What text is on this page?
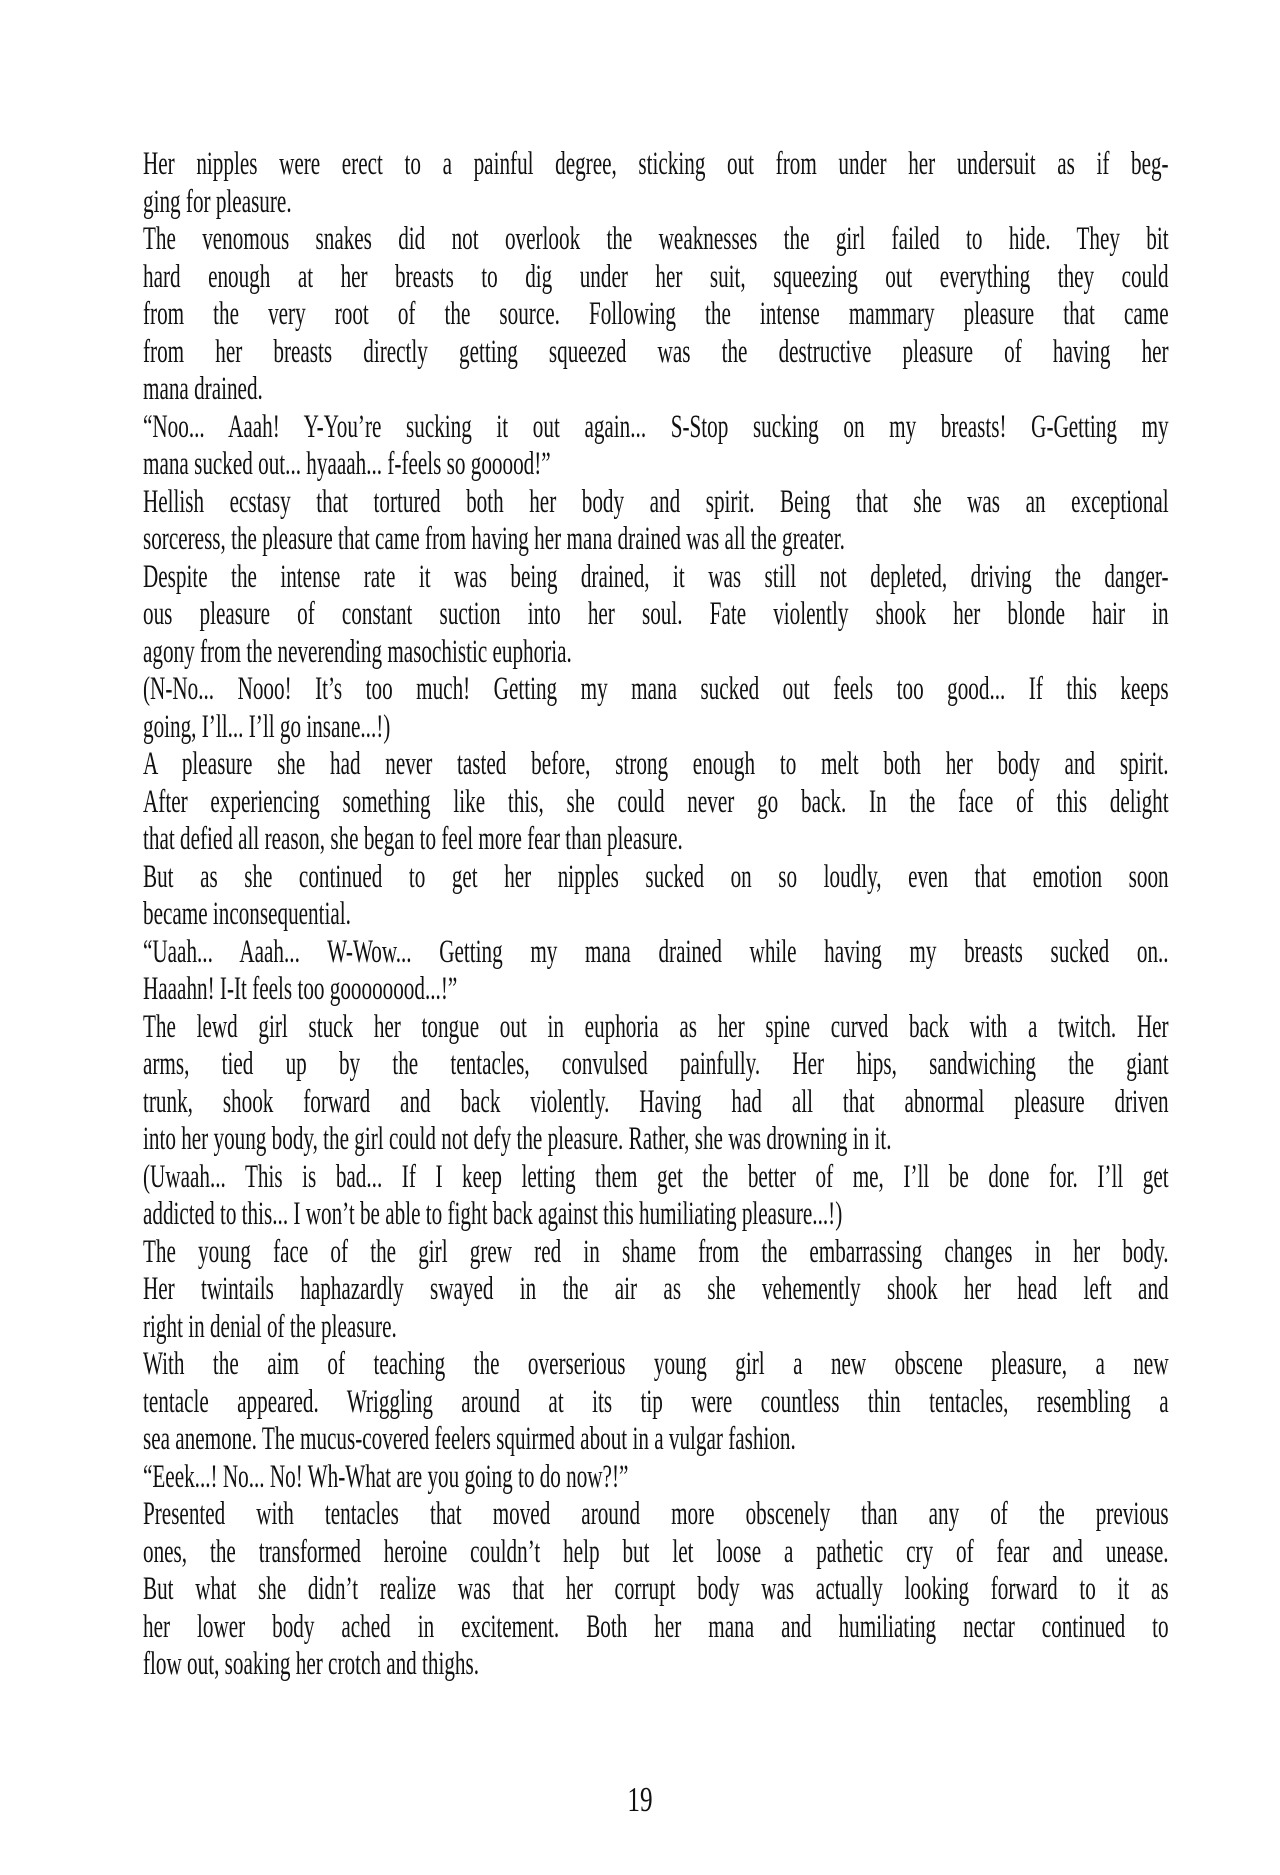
Her nipples were erect to a painful degree, sticking out from under her undersuit as if beg-
ging for pleasure.
The venomous snakes did not overlook the weaknesses the girl failed to hide. They bit
hard enough at her breasts to dig under her suit, squeezing out everything they could
from the very root of the source. Following the intense mammary pleasure that came
from her breasts directly getting squeezed was the destructive pleasure of having her
mana drained.
“Noo... Aaah! Y-You’re sucking it out again... S-Stop sucking on my breasts! G-Getting my
mana sucked out... hyaaah... f-feels so gooood!”
Hellish ecstasy that tortured both her body and spirit. Being that she was an exceptional
sorceress, the pleasure that came from having her mana drained was all the greater.
Despite the intense rate it was being drained, it was still not depleted, driving the danger-
ous pleasure of constant suction into her soul. Fate violently shook her blonde hair in
agony from the neverending masochistic euphoria.
(N-No... Nooo! It’s too much! Getting my mana sucked out feels too good... If this keeps
going, I’ll... I’ll go insane...!)
A pleasure she had never tasted before, strong enough to melt both her body and spirit.
After experiencing something like this, she could never go back. In the face of this delight
that defied all reason, she began to feel more fear than pleasure.
But as she continued to get her nipples sucked on so loudly, even that emotion soon
became inconsequential.
“Uaah... Aaah... W-Wow... Getting my mana drained while having my breasts sucked on..
Haaahn! I-It feels too goooooood...!”
The lewd girl stuck her tongue out in euphoria as her spine curved back with a twitch. Her
arms, tied up by the tentacles, convulsed painfully. Her hips, sandwiching the giant
trunk, shook forward and back violently. Having had all that abnormal pleasure driven
into her young body, the girl could not defy the pleasure. Rather, she was drowning in it.
(Uwaah... This is bad... If I keep letting them get the better of me, I’ll be done for. I’ll get
addicted to this... I won’t be able to fight back against this humiliating pleasure...!)
The young face of the girl grew red in shame from the embarrassing changes in her body.
Her twintails haphazardly swayed in the air as she vehemently shook her head left and
right in denial of the pleasure.
With the aim of teaching the overserious young girl a new obscene pleasure, a new
tentacle appeared. Wriggling around at its tip were countless thin tentacles, resembling a
sea anemone. The mucus-covered feelers squirmed about in a vulgar fashion.
“Eeek...! No... No! Wh-What are you going to do now?!”
Presented with tentacles that moved around more obscenely than any of the previous
ones, the transformed heroine couldn’t help but let loose a pathetic cry of fear and unease.
But what she didn’t realize was that her corrupt body was actually looking forward to it as
her lower body ached in excitement. Both her mana and humiliating nectar continued to
flow out, soaking her crotch and thighs.
19
